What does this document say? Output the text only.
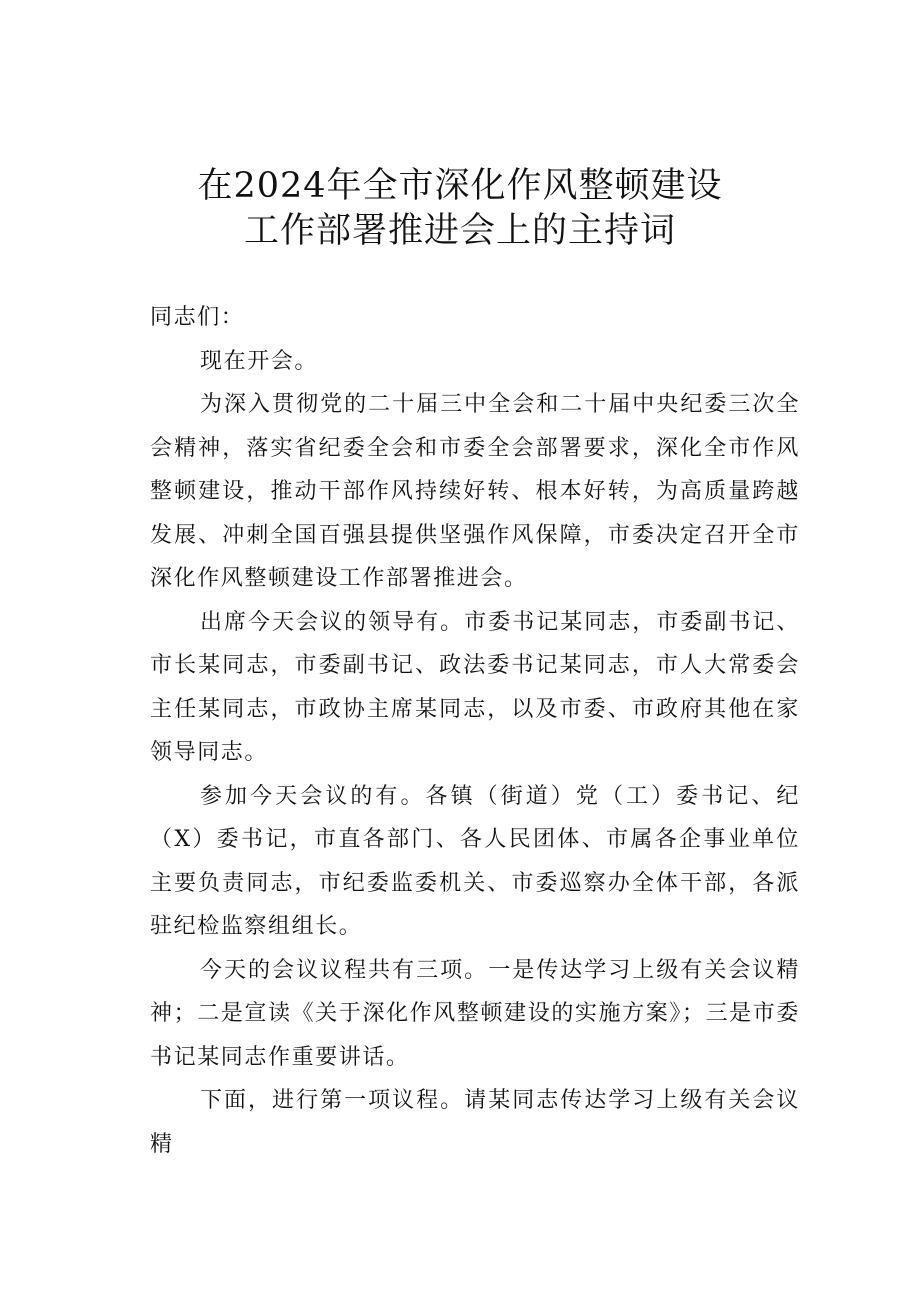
在2024年全市深化作风整顿建设
工作部署推进会上的主持词

同志们：

现在开会。

为深入贯彻党的二十届三中全会和二十届中央纪委三次全会精神，落实省纪委全会和市委全会部署要求，深化全市作风整顿建设，推动干部作风持续好转、根本好转，为高质量跨越发展、冲刺全国百强县提供坚强作风保障，市委决定召开全市深化作风整顿建设工作部署推进会。

出席今天会议的领导有。市委书记某同志，市委副书记、市长某同志，市委副书记、政法委书记某同志，市人大常委会主任某同志，市政协主席某同志，以及市委、市政府其他在家领导同志。

参加今天会议的有。各镇（街道）党（工）委书记、纪（X）委书记，市直各部门、各人民团体、市属各企事业单位主要负责同志，市纪委监委机关、市委巡察办全体干部，各派驻纪检监察组组长。

今天的会议议程共有三项。一是传达学习上级有关会议精神；二是宣读《关于深化作风整顿建设的实施方案》；三是市委书记某同志作重要讲话。

下面，进行第一项议程。请某同志传达学习上级有关会议精
